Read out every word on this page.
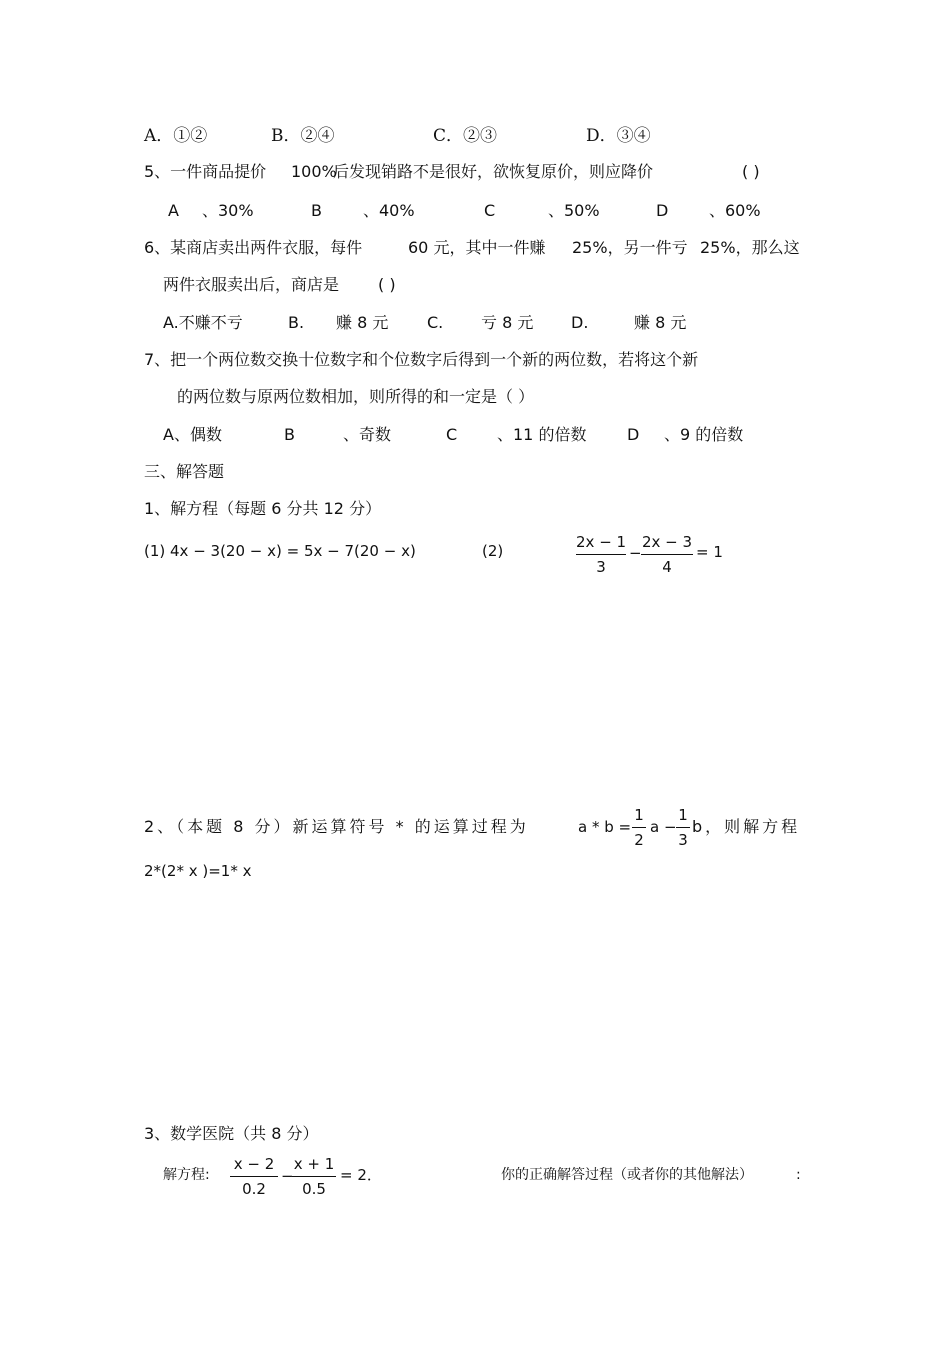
A．①②	B．②④	C．②③	D．③④
5、一件商品提价 100%
后发现销路不是很好，欲恢复原价，则应降价	( )
A 、30%	B	、40%	C	、50%	D	、60%
6、某商店卖出两件衣服，每件	60 元，其中一件赚 25%，另一件亏 25%，那么这
两件衣服卖出后，商店是 ( )
A.不赚不亏	B. 赚 8 元 C. 亏 8 元 D.	赚 8 元
7、把一个两位数交换十位数字和个位数字后得到一个新的两位数，若将这个新
的两位数与原两位数相加，则所得的和一定是（ ）
A、偶数	B	、奇数	C 、11 的倍数	D 、9 的倍数
三、解答题
1、解方程（每题 6 分共 12 分）
(1) 4x − 3(20 − x) = 5x − 7(20 − x)	(2)	2x − 1
3
−
2x − 3
4
= 1
2、（本题 8 分）新运算符号 * 的运算过程为	a * b =
1
2
a −
1
3
b，则解方程
2*(2* x )=1* x
3、数学医院（共 8 分）
解方程:
x − 2
0.2
−
x + 1
0.5
= 2．	你的正确解答过程（或者你的其他解法）	:
